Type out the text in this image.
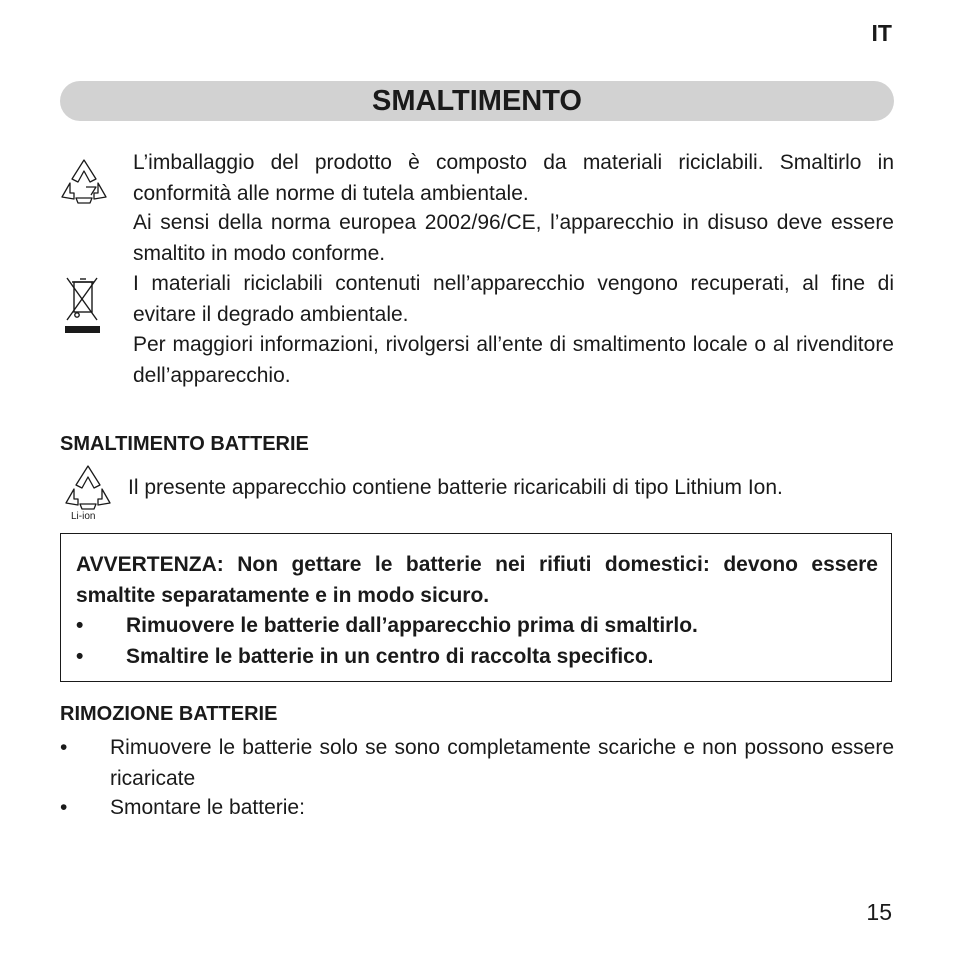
IT
SMALTIMENTO
L’imballaggio del prodotto è composto da materiali riciclabili. Smaltirlo in conformità alle norme di tutela ambientale.
Ai sensi della norma europea 2002/96/CE, l’apparecchio in disuso deve essere smaltito in modo conforme.
I materiali riciclabili contenuti nell’apparecchio vengono recuperati, al fine di evitare il degrado ambientale.
Per maggiori informazioni, rivolgersi all’ente di smaltimento locale o al rivenditore dell’apparecchio.
SMALTIMENTO BATTERIE
Li-ion
Il presente apparecchio contiene batterie ricaricabili di tipo Lithium Ion.
AVVERTENZA: Non gettare le batterie nei rifiuti domestici: devono essere smaltite separatamente e in modo sicuro.
• Rimuovere le batterie dall’apparecchio prima di smaltirlo.
• Smaltire le batterie in un centro di raccolta specifico.
RIMOZIONE BATTERIE
• Rimuovere le batterie solo se sono completamente scariche e non possono essere ricaricate
• Smontare le batterie:
15
